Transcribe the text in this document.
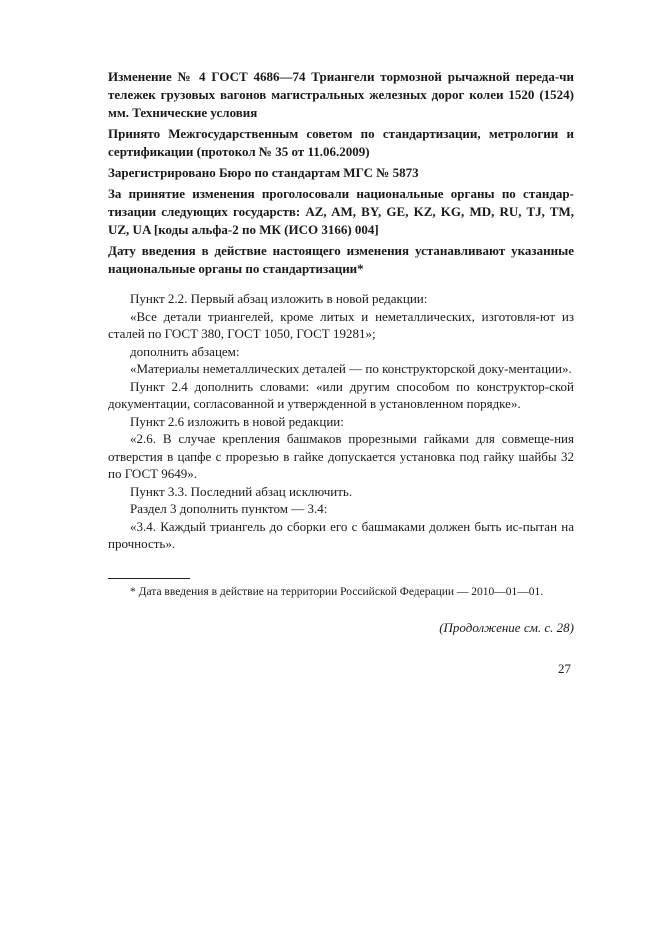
Изменение № 4 ГОСТ 4686—74 Триангели тормозной рычажной переда-чи тележек грузовых вагонов магистральных железных дорог колеи 1520 (1524) мм. Технические условия
Принято Межгосударственным советом по стандартизации, метрологии и сертификации (протокол № 35 от 11.06.2009)
Зарегистрировано Бюро по стандартам МГС № 5873
За принятие изменения проголосовали национальные органы по стандар-тизации следующих государств: AZ, AM, BY, GE, KZ, KG, MD, RU, TJ, TM, UZ, UA [коды альфа-2 по МК (ИСО 3166) 004]
Дату введения в действие настоящего изменения устанавливают указанные национальные органы по стандартизации*

Пункт 2.2. Первый абзац изложить в новой редакции:

«Все детали триангелей, кроме литых и неметаллических, изготовля-ют из сталей по ГОСТ 380, ГОСТ 1050, ГОСТ 19281»;

дополнить абзацем:

«Материалы неметаллических деталей — по конструкторской доку-ментации».

Пункт 2.4 дополнить словами: «или другим способом по конструктор-ской документации, согласованной и утвержденной в установленном порядке».

Пункт 2.6 изложить в новой редакции:

«2.6. В случае крепления башмаков прорезными гайками для совмеще-ния отверстия в цапфе с прорезью в гайке допускается установка под гайку шайбы 32 по ГОСТ 9649».

Пункт 3.3. Последний абзац исключить.

Раздел 3 дополнить пунктом — 3.4:

«3.4. Каждый триангель до сборки его с башмаками должен быть ис-пытан на прочность».

* Дата введения в действие на территории Российской Федерации — 2010—01—01.

(Продолжение см. с. 28)

27
